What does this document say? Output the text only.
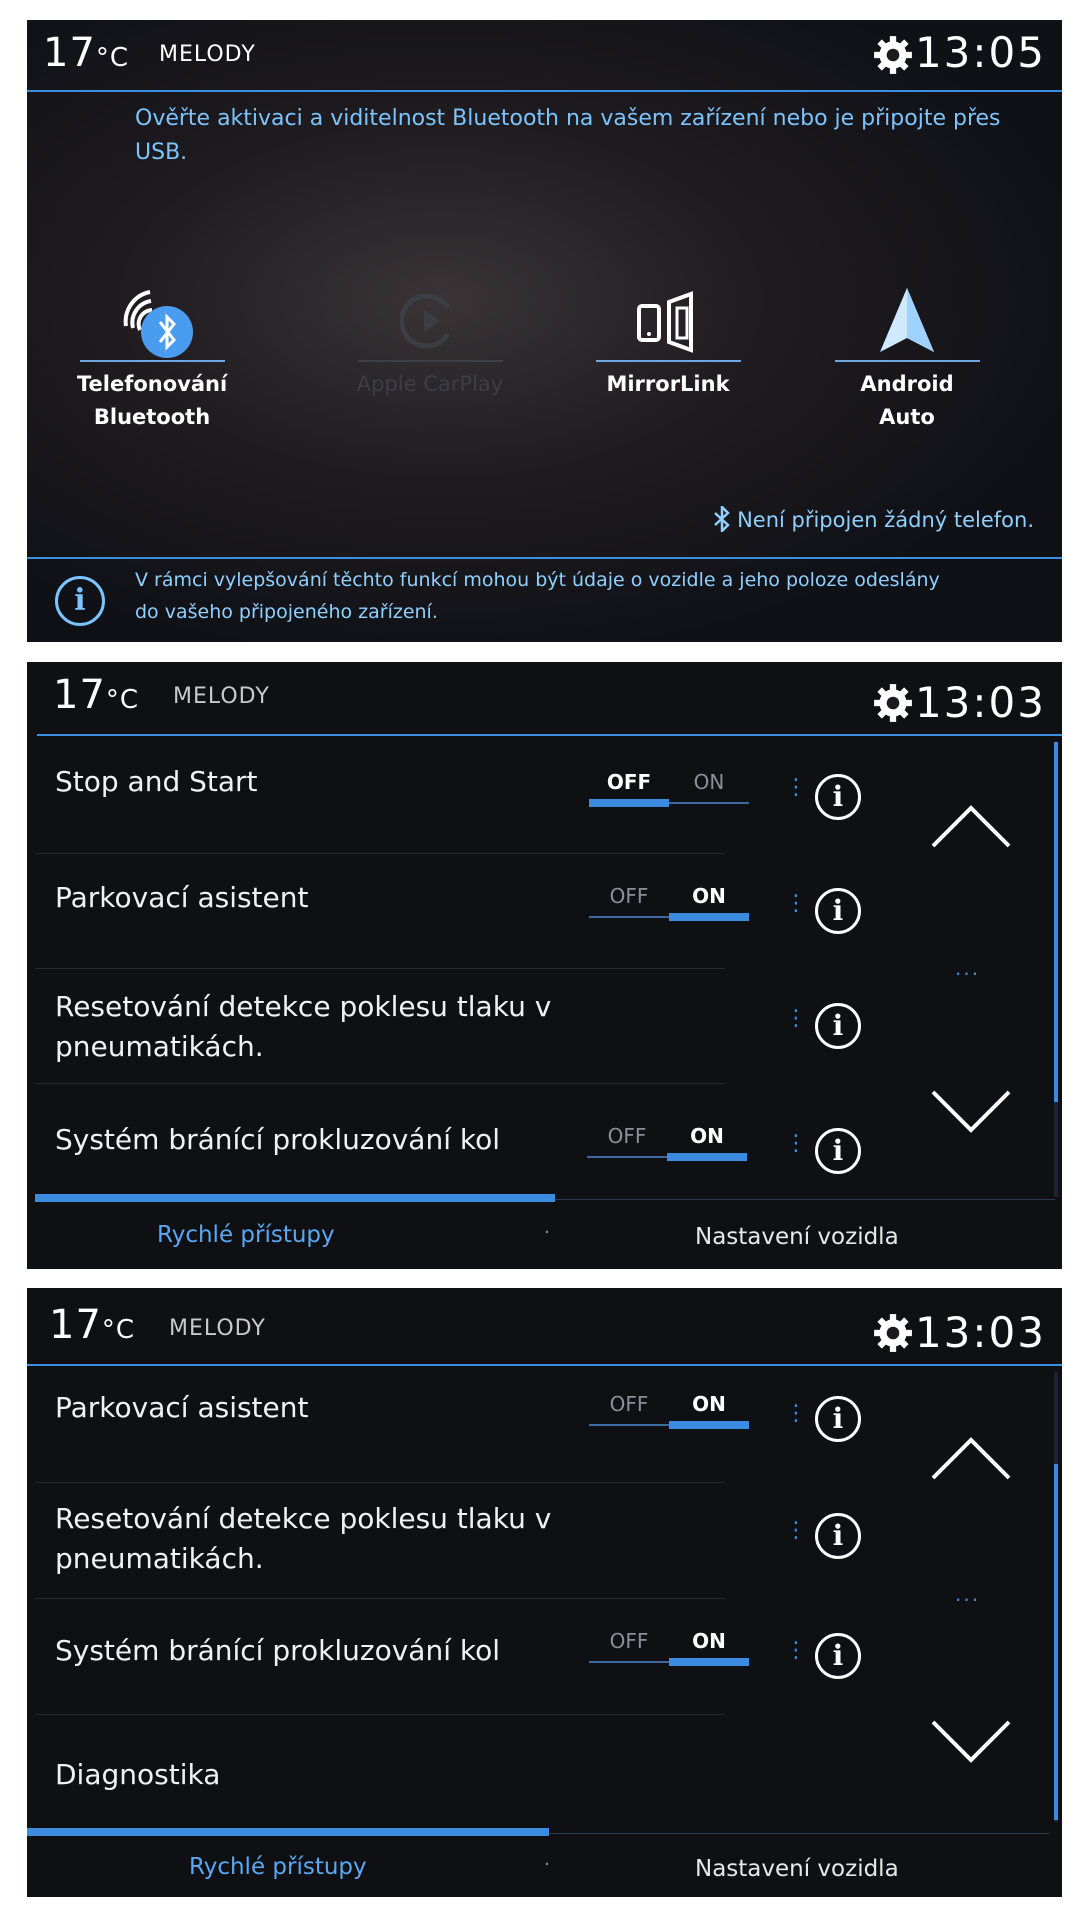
17°C MELODY	13:05
Ověřte aktivaci a viditelnost Bluetooth na vašem zařízení nebo je připojte přes USB.
Telefonování
Bluetooth
Apple CarPlay	MirrorLink	Android Auto
Není připojen žádný telefon.
i
V rámci vylepšování těchto funkcí mohou být údaje o vozidle a jeho poloze odeslány
do vašeho připojeného zařízení.
17°C MELODY	13:03
Stop and Start	OFF	ON	⋮ i
Parkovací asistent	OFF	ON	⋮ i
Resetování detekce poklesu tlaku v
pneumatikách.
⋮ i
Systém bránící prokluzování kol	OFF	ON	⋮ i
...
Rychlé přístupy	·	Nastavení vozidla
17°C MELODY	13:03
Parkovací asistent	OFF	ON	⋮ i
Resetování detekce poklesu tlaku v
pneumatikách.
⋮ i
Systém bránící prokluzování kol	OFF	ON	⋮ i
Diagnostika
...
Rychlé přístupy	·	Nastavení vozidla
